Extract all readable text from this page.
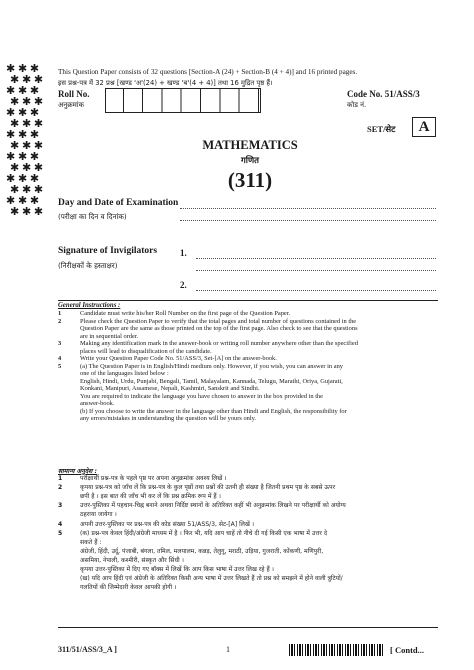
✱ ✱ ✱
✱ ✱ ✱
✱ ✱ ✱
✱ ✱ ✱
✱ ✱ ✱
✱ ✱ ✱
✱ ✱ ✱
✱ ✱ ✱
✱ ✱ ✱
✱ ✱ ✱
✱ ✱ ✱
✱ ✱ ✱
✱ ✱ ✱
✱ ✱ ✱
This Question Paper consists of 32 questions [Section-A (24) + Section-B (4 + 4)] and 16 printed pages.
इस प्रश्न-पत्र में 32 प्रश्न [खण्ड 'अ'(24) + खण्ड 'ब'(4 + 4)] तथा 16 मुद्रित पृष्ठ हैं।
Roll No.
अनुक्रमांक
Code No. 51/ASS/3
कोड नं.
SET/सेट	A
MATHEMATICS
गणित
(311)
Day and Date of Examination
(परीक्षा का दिन व दिनांक)
Signature of Invigilators
(निरीक्षकों के हस्ताक्षर)
1.
2.
General Instructions :
1	Candidate must write his/her Roll Number on the first page of the Question Paper.
2	Please check the Question Paper to verify that the total pages and total number of questions contained in the
Question Paper are the same as those printed on the top of the first page. Also check to see that the questions
are in sequential order.
3	Making any identification mark in the answer-book or writing roll number anywhere other than the specified
places will lead to disqualification of the candidate.
4	Write your Question Paper Code No. 51/ASS/3, Set-[A] on the answer-book.
5	(a) The Question Paper is in English/Hindi medium only. However, if you wish, you can answer in any
one of the languages listed below :
English, Hindi, Urdu, Punjabi, Bengali, Tamil, Malayalam, Kannada, Telugu, Marathi, Oriya, Gujarati,
Konkani, Manipuri, Assamese, Nepali, Kashmiri, Sanskrit and Sindhi.
You are required to indicate the language you have chosen to answer in the box provided in the
answer-book.
(b) If you choose to write the answer in the language other than Hindi and English, the responsibility for
any errors/mistakes in understanding the question will be yours only.
सामान्य अनुदेश :
1	परीक्षार्थी प्रश्न-पत्र के पहले पृष्ठ पर अपना अनुक्रमांक अवश्य लिखें ।
2	कृपया प्रश्न-पत्र को जाँच लें कि प्रश्न-पत्र के कुल पृष्ठों तथा प्रश्नों की उतनी ही संख्या है जितनी प्रथम पृष्ठ के सबसे ऊपर
छपी है । इस बात की जाँच भी कर लें कि प्रश्न क्रमिक रूप में हैं ।
3	उत्तर-पुस्तिका में पहचान-चिह्न बनाने अथवा निर्दिष्ट स्थानों के अतिरिक्त कहीं भी अनुक्रमांक लिखने पर परीक्षार्थी को अयोग्य
ठहराया जायेगा ।
4	अपनी उत्तर-पुस्तिका पर प्रश्न-पत्र की कोड संख्या 51/ASS/3, सेट-[A] लिखें ।
5	(क) प्रश्न-पत्र केवल हिंदी/अंग्रेजी माध्यम में है । फिर भी, यदि आप चाहें तो नीचे दी गई किसी एक भाषा में उत्तर दे
सकते हैं :
अंग्रेजी, हिंदी, उर्दू, पंजाबी, बंगला, तमिल, मलयालम, कन्नड़, तेलुगू, मराठी, उड़िया, गुजराती, कोंकणी, मणिपुरी,
असमिया, नेपाली, कश्मीरी, संस्कृत और सिंधी ।
कृपया उत्तर-पुस्तिका में दिए गए बॉक्स में लिखें कि आप किस भाषा में उत्तर लिख रहे हैं ।
(ख) यदि आप हिंदी एवं अंग्रेजी के अतिरिक्त किसी अन्य भाषा में उत्तर लिखते हैं तो प्रश्न को समझने में होने वाली त्रुटियों/
गलतियों की जिम्मेदारी केवल आपकी होगी ।
311/51/ASS/3_A ]	1	[ Contd...
